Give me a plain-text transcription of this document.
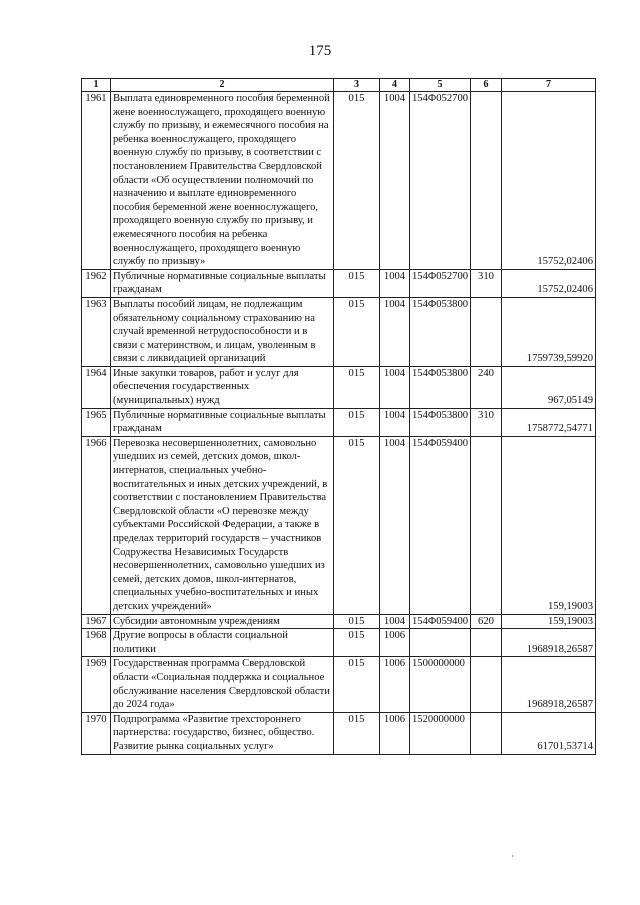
175
1	2	3	4	5	6	7
1961	Выплата единовременного пособия беременной жене военнослужащего, проходящего военную службу по призыву, и ежемесячного пособия на ребенка военнослужащего, проходящего военную службу по призыву, в соответствии с постановлением Правительства Свердловской области «Об осуществлении полномочий по назначению и выплате единовременного пособия беременной жене военнослужащего, проходящего военную службу по призыву, и ежемесячного пособия на ребенка военнослужащего, проходящего военную службу по призыву»	015	1004	154Ф052700		15752,02406
1962	Публичные нормативные социальные выплаты гражданам	015	1004	154Ф052700	310	15752,02406
1963	Выплаты пособий лицам, не подлежащим обязательному социальному страхованию на случай временной нетрудоспособности и в связи с материнством, и лицам, уволенным в связи с ликвидацией организаций	015	1004	154Ф053800		1759739,59920
1964	Иные закупки товаров, работ и услуг для обеспечения государственных (муниципальных) нужд	015	1004	154Ф053800	240	967,05149
1965	Публичные нормативные социальные выплаты гражданам	015	1004	154Ф053800	310	1758772,54771
1966	Перевозка несовершеннолетних, самовольно ушедших из семей, детских домов, школ-интернатов, специальных учебно-воспитательных и иных детских учреждений, в соответствии с постановлением Правительства Свердловской области «О перевозке между субъектами Российской Федерации, а также в пределах территорий государств – участников Содружества Независимых Государств несовершеннолетних, самовольно ушедших из семей, детских домов, школ-интернатов, специальных учебно-воспитательных и иных детских учреждений»	015	1004	154Ф059400		159,19003
1967	Субсидии автономным учреждениям	015	1004	154Ф059400	620	159,19003
1968	Другие вопросы в области социальной политики	015	1006			1968918,26587
1969	Государственная программа Свердловской области «Социальная поддержка и социальное обслуживание населения Свердловской области до 2024 года»	015	1006	1500000000		1968918,26587
1970	Подпрограмма «Развитие трехстороннего партнерства: государство, бизнес, общество. Развитие рынка социальных услуг»	015	1006	1520000000		61701,53714
